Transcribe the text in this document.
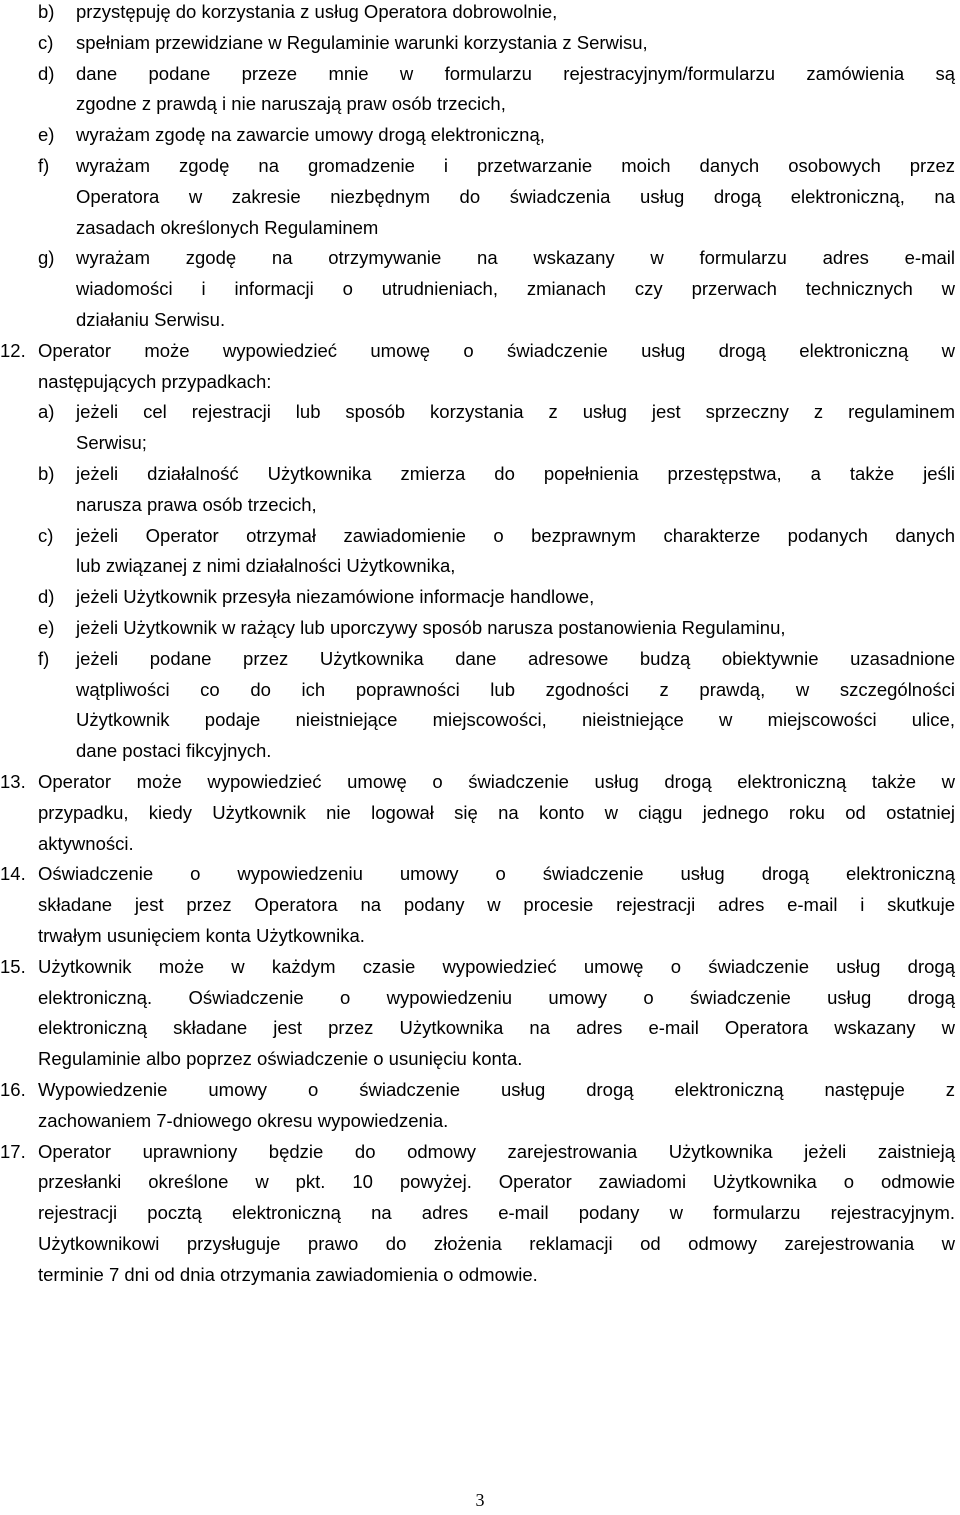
b) przystępuję do korzystania z usług Operatora dobrowolnie,
c) spełniam przewidziane w Regulaminie warunki korzystania z Serwisu,
d) dane podane przeze mnie w formularzu rejestracyjnym/formularzu zamówienia są
zgodne z prawdą i nie naruszają praw osób trzecich,
e) wyrażam zgodę na zawarcie umowy drogą elektroniczną,
f) wyrażam zgodę na gromadzenie i przetwarzanie moich danych osobowych przez
Operatora w zakresie niezbędnym do świadczenia usług drogą elektroniczną, na
zasadach określonych Regulaminem
g) wyrażam zgodę na otrzymywanie na wskazany w formularzu adres e-mail
wiadomości i informacji o utrudnieniach, zmianach czy przerwach technicznych w
działaniu Serwisu.
12. Operator może wypowiedzieć umowę o świadczenie usług drogą elektroniczną w
następujących przypadkach:
a) jeżeli cel rejestracji lub sposób korzystania z usług jest sprzeczny z regulaminem
Serwisu;
b) jeżeli działalność Użytkownika zmierza do popełnienia przestępstwa, a także jeśli
narusza prawa osób trzecich,
c) jeżeli Operator otrzymał zawiadomienie o bezprawnym charakterze podanych danych
lub związanej z nimi działalności Użytkownika,
d) jeżeli Użytkownik przesyła niezamówione informacje handlowe,
e) jeżeli Użytkownik w rażący lub uporczywy sposób narusza postanowienia Regulaminu,
f) jeżeli podane przez Użytkownika dane adresowe budzą obiektywnie uzasadnione
wątpliwości co do ich poprawności lub zgodności z prawdą, w szczególności
Użytkownik podaje nieistniejące miejscowości, nieistniejące w miejscowości ulice,
dane postaci fikcyjnych.
13. Operator może wypowiedzieć umowę o świadczenie usług drogą elektroniczną także w
przypadku, kiedy Użytkownik nie logował się na konto w ciągu jednego roku od ostatniej
aktywności.
14. Oświadczenie o wypowiedzeniu umowy o świadczenie usług drogą elektroniczną
składane jest przez Operatora na podany w procesie rejestracji adres e-mail i skutkuje
trwałym usunięciem konta Użytkownika.
15. Użytkownik może w każdym czasie wypowiedzieć umowę o świadczenie usług drogą
elektroniczną. Oświadczenie o wypowiedzeniu umowy o świadczenie usług drogą
elektroniczną składane jest przez Użytkownika na adres e-mail Operatora wskazany w
Regulaminie albo poprzez oświadczenie o usunięciu konta.
16. Wypowiedzenie umowy o świadczenie usług drogą elektroniczną następuje z
zachowaniem 7-dniowego okresu wypowiedzenia.
17. Operator uprawniony będzie do odmowy zarejestrowania Użytkownika jeżeli zaistnieją
przesłanki określone w pkt. 10 powyżej. Operator zawiadomi Użytkownika o odmowie
rejestracji pocztą elektroniczną na adres e-mail podany w formularzu rejestracyjnym.
Użytkownikowi przysługuje prawo do złożenia reklamacji od odmowy zarejestrowania w
terminie 7 dni od dnia otrzymania zawiadomienia o odmowie.
3
